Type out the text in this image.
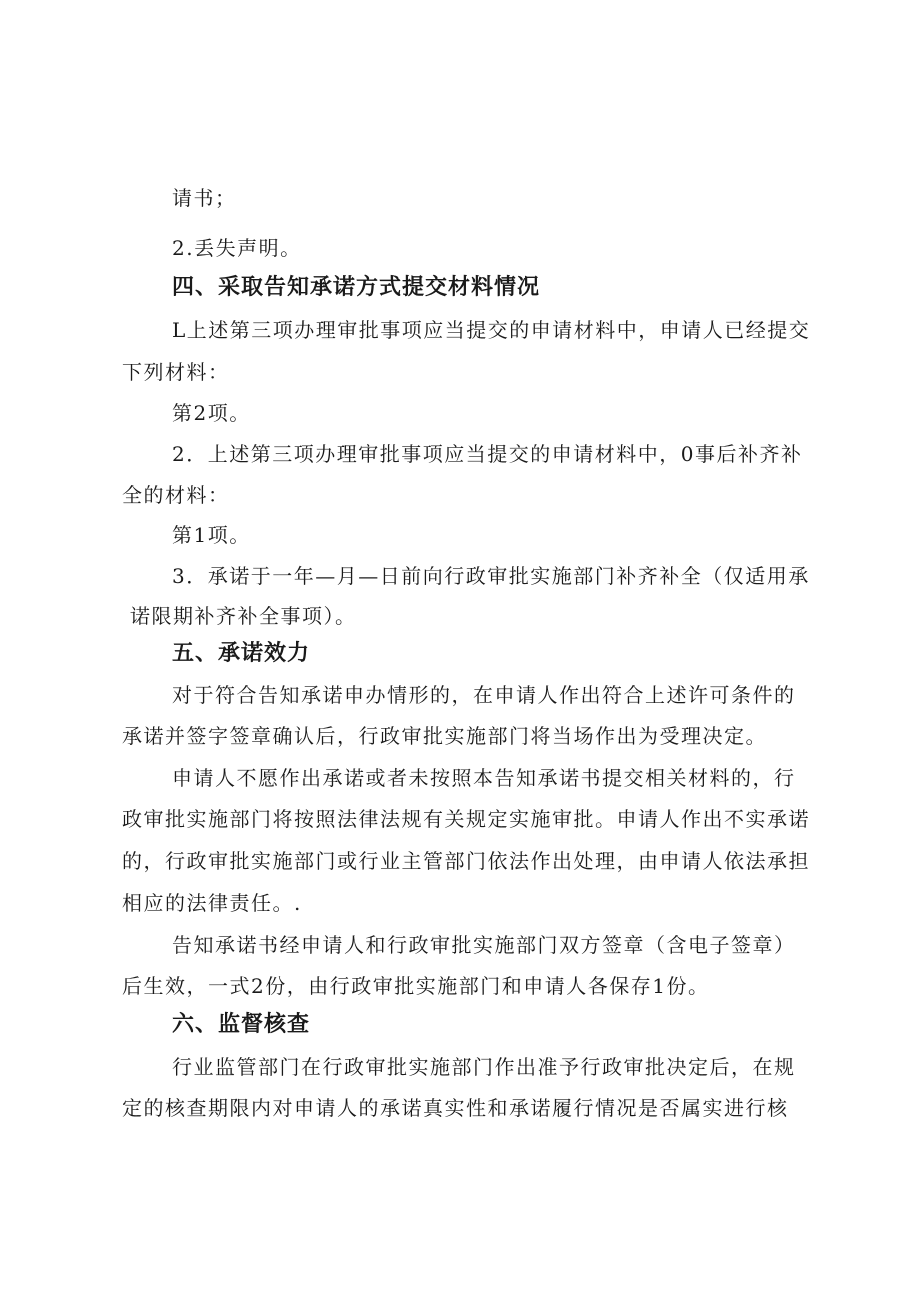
请书；
2.丢失声明。
四、采取告知承诺方式提交材料情况
L上述第三项办理审批事项应当提交的申请材料中，申请人已经提交
下列材料：
第2项。
2．上述第三项办理审批事项应当提交的申请材料中，0事后补齐补
全的材料：
第1项。
3．承诺于一年—月—日前向行政审批实施部门补齐补全（仅适用承
诺限期补齐补全事项）。
五、承诺效力
对于符合告知承诺申办情形的，在申请人作出符合上述许可条件的
承诺并签字签章确认后，行政审批实施部门将当场作出为受理决定。
申请人不愿作出承诺或者未按照本告知承诺书提交相关材料的，行
政审批实施部门将按照法律法规有关规定实施审批。申请人作出不实承诺
的，行政审批实施部门或行业主管部门依法作出处理，由申请人依法承担
相应的法律责任。.
告知承诺书经申请人和行政审批实施部门双方签章（含电子签章）
后生效，一式2份，由行政审批实施部门和申请人各保存1份。
六、监督核查
行业监管部门在行政审批实施部门作出准予行政审批决定后，在规
定的核查期限内对申请人的承诺真实性和承诺履行情况是否属实进行核
